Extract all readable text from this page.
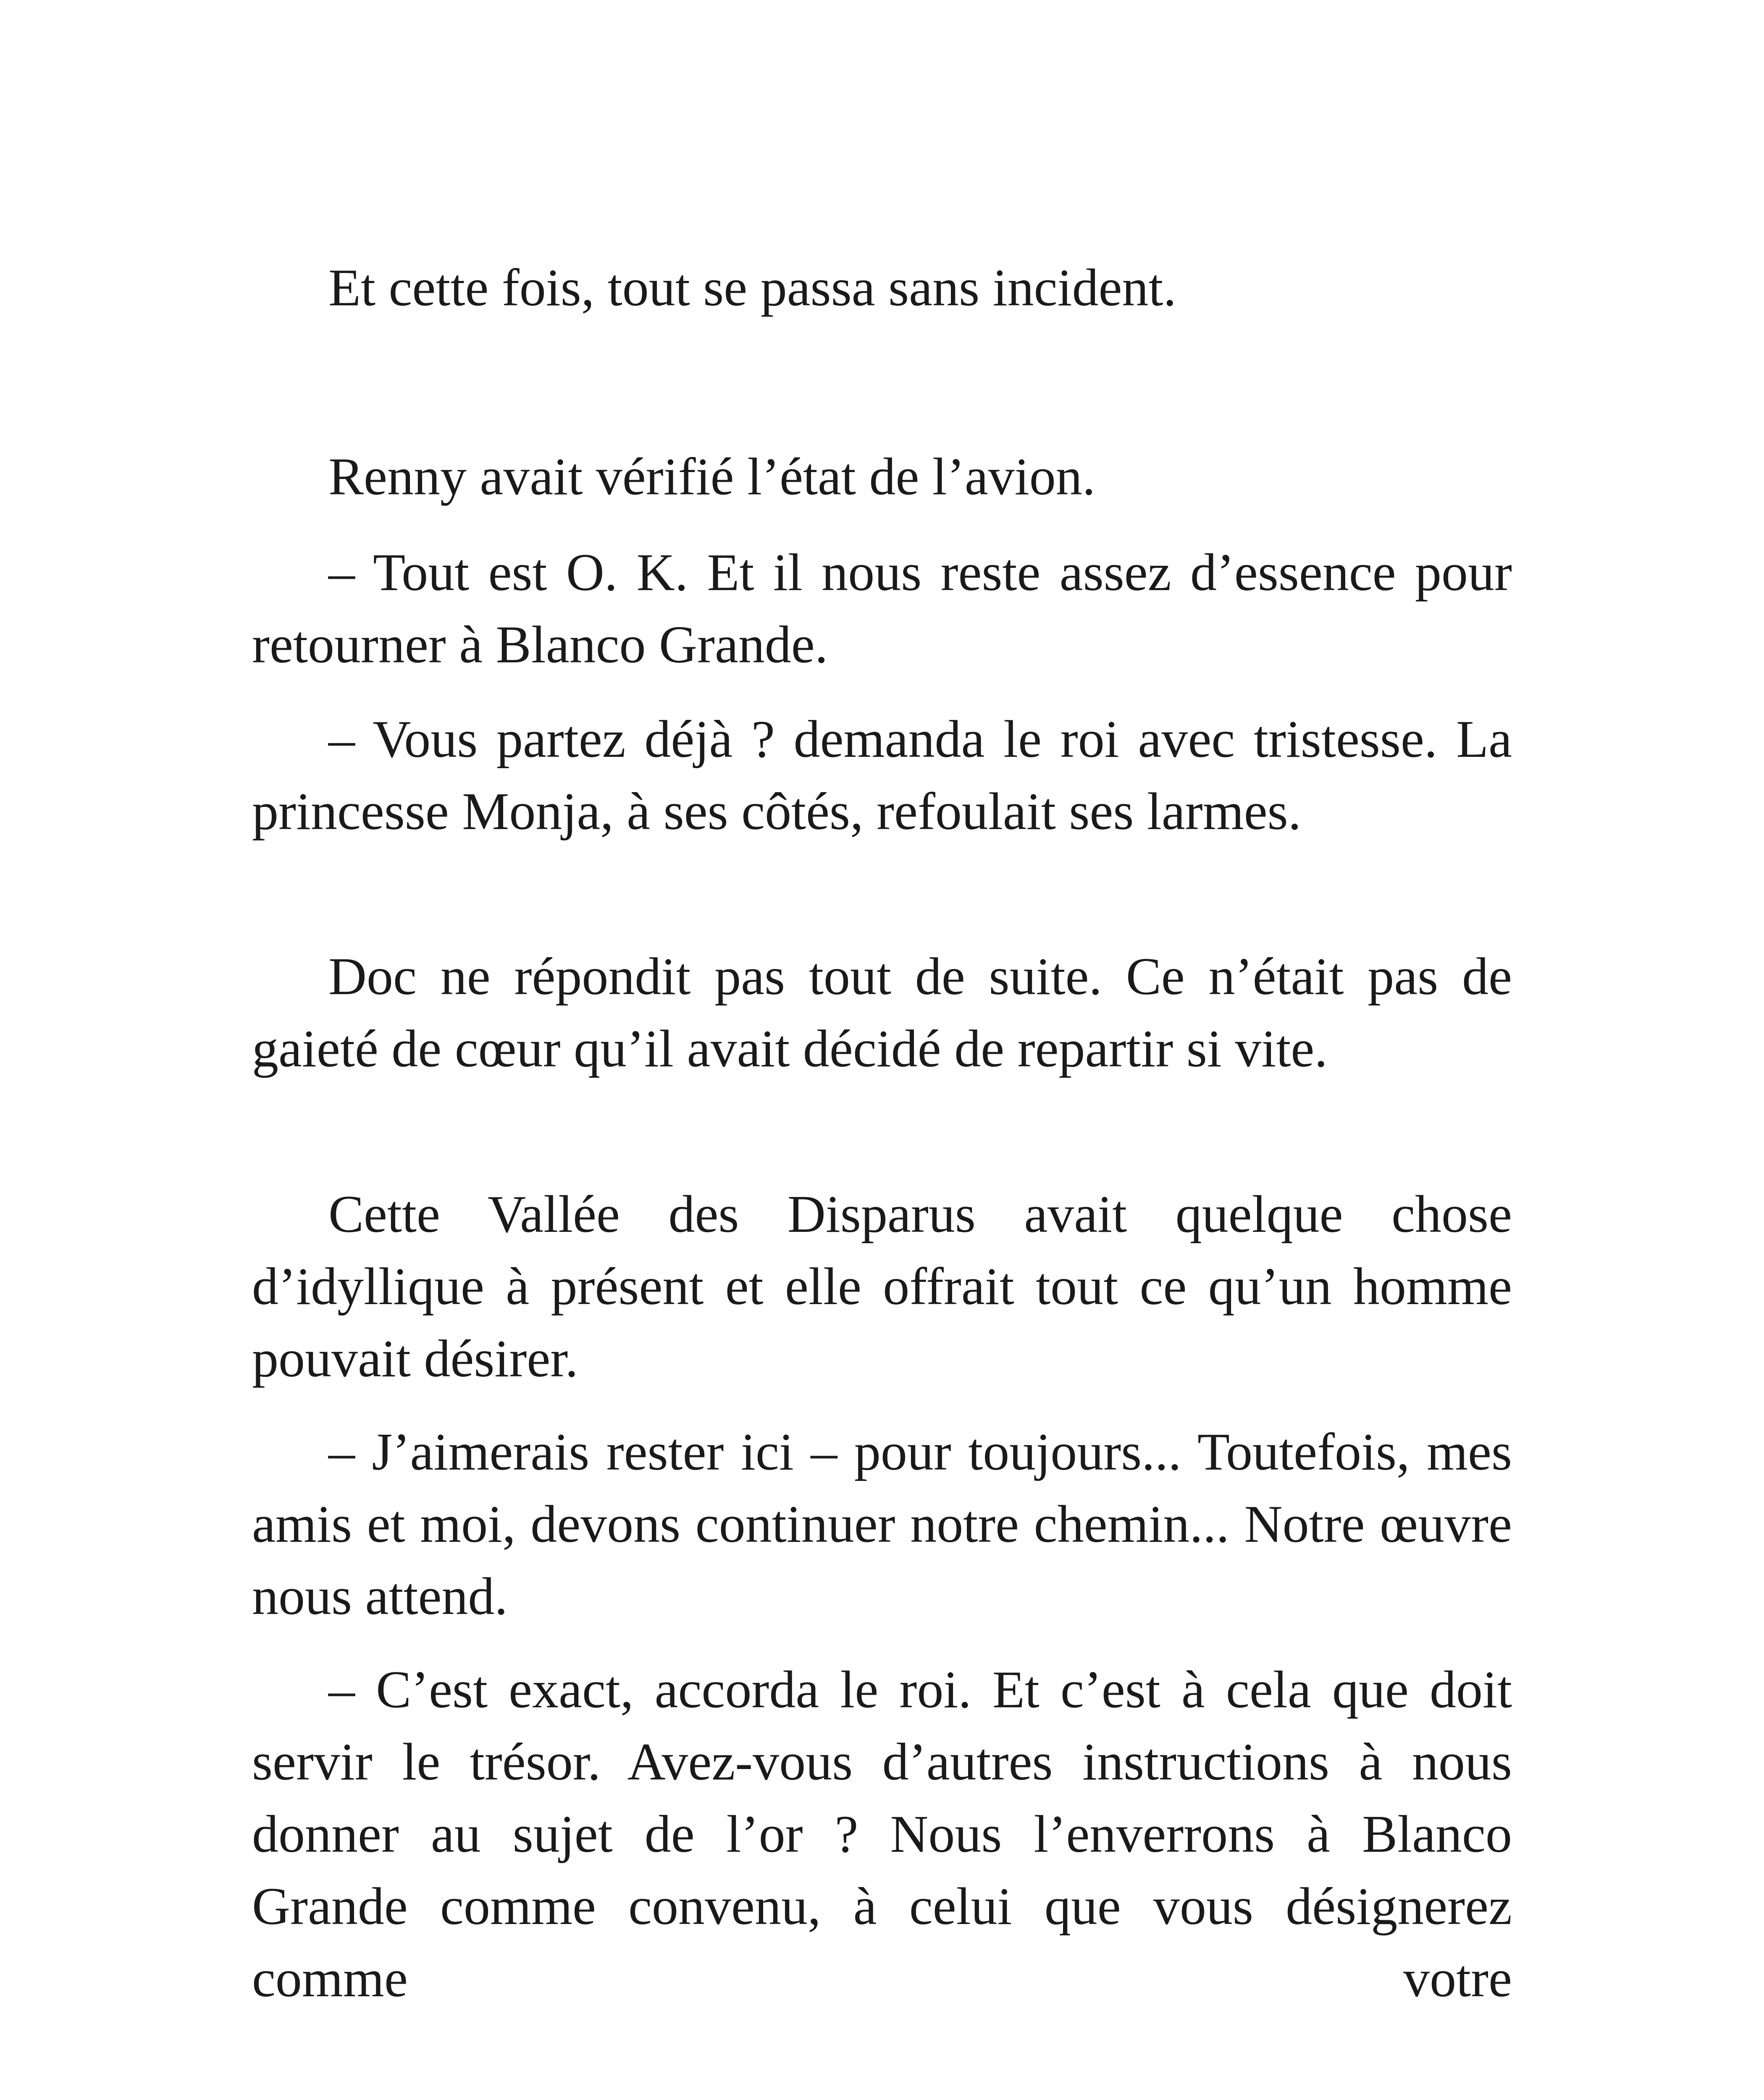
Et cette fois, tout se passa sans incident.

Renny avait vérifié l’état de l’avion.

– Tout est O. K. Et il nous reste assez d’essence pour retourner à Blanco Grande.

– Vous partez déjà ? demanda le roi avec tristesse. La princesse Monja, à ses côtés, refoulait ses larmes.

Doc ne répondit pas tout de suite. Ce n’était pas de gaieté de cœur qu’il avait décidé de repartir si vite.

Cette Vallée des Disparus avait quelque chose d’idyllique à présent et elle offrait tout ce qu’un homme pouvait désirer.

– J’aimerais rester ici – pour toujours... Toutefois, mes amis et moi, devons continuer notre chemin... Notre œuvre nous attend.

– C’est exact, accorda le roi. Et c’est à cela que doit servir le trésor. Avez-vous d’autres instructions à nous donner au sujet de l’or ? Nous l’enverrons à Blanco Grande comme convenu, à celui que vous désignerez comme votre
